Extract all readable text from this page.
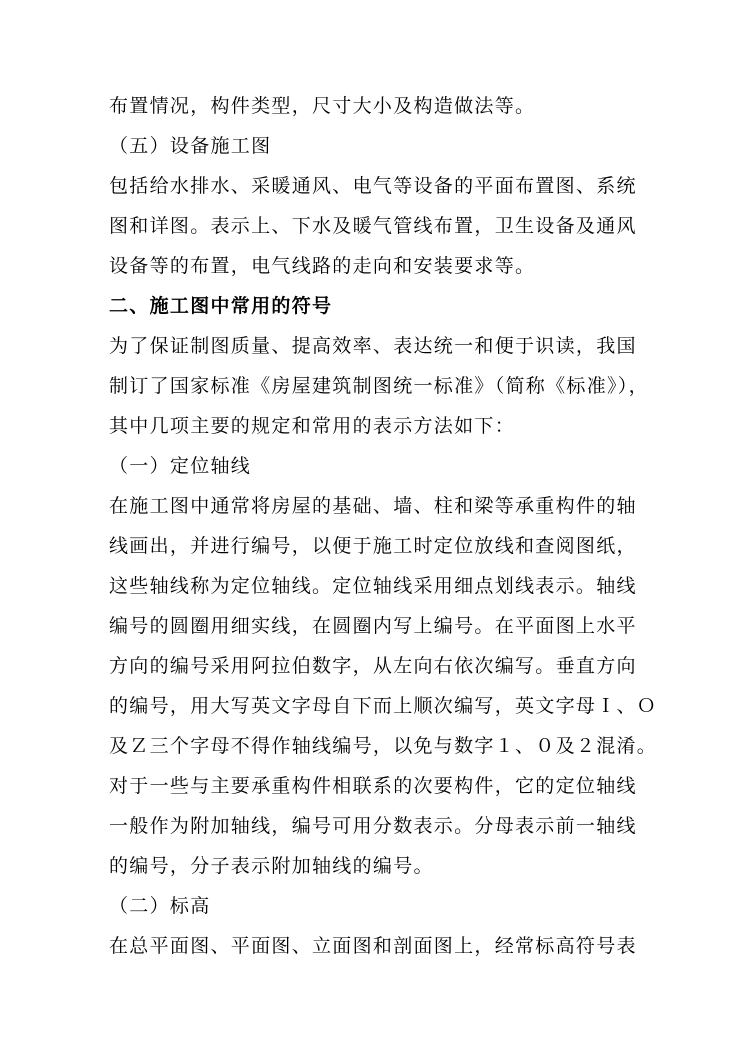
布置情况，构件类型，尺寸大小及构造做法等。
（五）设备施工图
包括给水排水、采暖通风、电气等设备的平面布置图、系统
图和详图。表示上、下水及暖气管线布置，卫生设备及通风
设备等的布置，电气线路的走向和安装要求等。
二、施工图中常用的符号
为了保证制图质量、提高效率、表达统一和便于识读，我国
制订了国家标准《房屋建筑制图统一标准》（简称《标准》），
其中几项主要的规定和常用的表示方法如下：
（一）定位轴线
在施工图中通常将房屋的基础、墙、柱和梁等承重构件的轴
线画出，并进行编号，以便于施工时定位放线和查阅图纸，
这些轴线称为定位轴线。定位轴线采用细点划线表示。轴线
编号的圆圈用细实线，在圆圈内写上编号。在平面图上水平
方向的编号采用阿拉伯数字，从左向右依次编写。垂直方向
的编号，用大写英文字母自下而上顺次编写，英文字母Ｉ、Ｏ
及Ｚ三个字母不得作轴线编号，以免与数字１、０及２混淆。
对于一些与主要承重构件相联系的次要构件，它的定位轴线
一般作为附加轴线，编号可用分数表示。分母表示前一轴线
的编号，分子表示附加轴线的编号。
（二）标高
在总平面图、平面图、立面图和剖面图上，经常标高符号表
